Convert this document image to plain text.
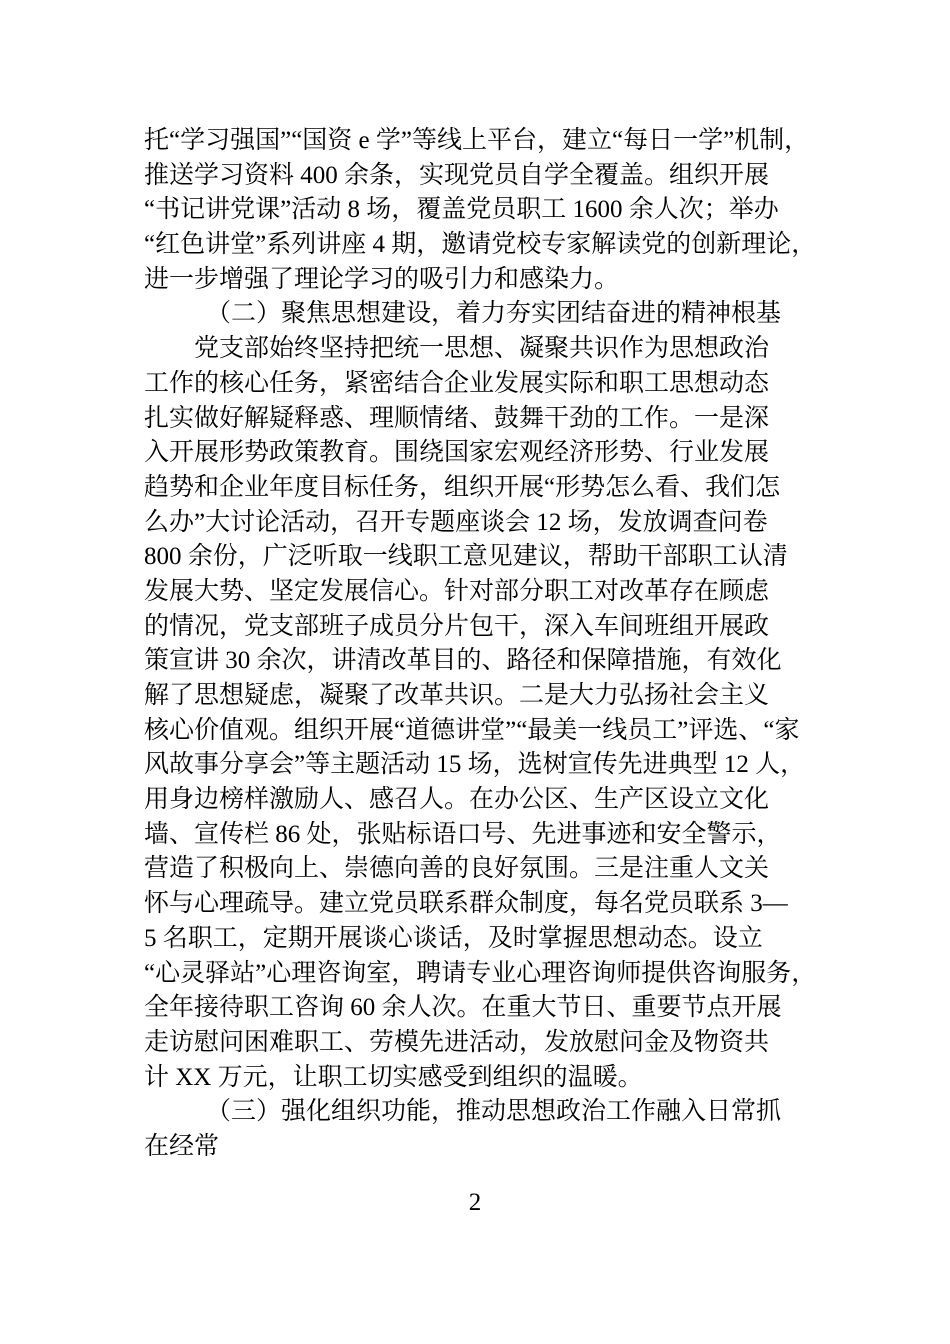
托“学习强国”“国资 e 学”等线上平台，建立“每日一学”机制，
推送学习资料 400 余条，实现党员自学全覆盖。组织开展
“书记讲党课”活动 8 场，覆盖党员职工 1600 余人次；举办
“红色讲堂”系列讲座 4 期，邀请党校专家解读党的创新理论，
进一步增强了理论学习的吸引力和感染力。
（二）聚焦思想建设，着力夯实团结奋进的精神根基
党支部始终坚持把统一思想、凝聚共识作为思想政治
工作的核心任务，紧密结合企业发展实际和职工思想动态
扎实做好解疑释惑、理顺情绪、鼓舞干劲的工作。一是深
入开展形势政策教育。围绕国家宏观经济形势、行业发展
趋势和企业年度目标任务，组织开展“形势怎么看、我们怎
么办”大讨论活动，召开专题座谈会 12 场，发放调查问卷
800 余份，广泛听取一线职工意见建议，帮助干部职工认清
发展大势、坚定发展信心。针对部分职工对改革存在顾虑
的情况，党支部班子成员分片包干，深入车间班组开展政
策宣讲 30 余次，讲清改革目的、路径和保障措施，有效化
解了思想疑虑，凝聚了改革共识。二是大力弘扬社会主义
核心价值观。组织开展“道德讲堂”“最美一线员工”评选、“家
风故事分享会”等主题活动 15 场，选树宣传先进典型 12 人，
用身边榜样激励人、感召人。在办公区、生产区设立文化
墙、宣传栏 86 处，张贴标语口号、先进事迹和安全警示，
营造了积极向上、崇德向善的良好氛围。三是注重人文关
怀与心理疏导。建立党员联系群众制度，每名党员联系 3—
5 名职工，定期开展谈心谈话，及时掌握思想动态。设立
“心灵驿站”心理咨询室，聘请专业心理咨询师提供咨询服务，
全年接待职工咨询 60 余人次。在重大节日、重要节点开展
走访慰问困难职工、劳模先进活动，发放慰问金及物资共
计 XX 万元，让职工切实感受到组织的温暖。
（三）强化组织功能，推动思想政治工作融入日常抓
在经常
2
